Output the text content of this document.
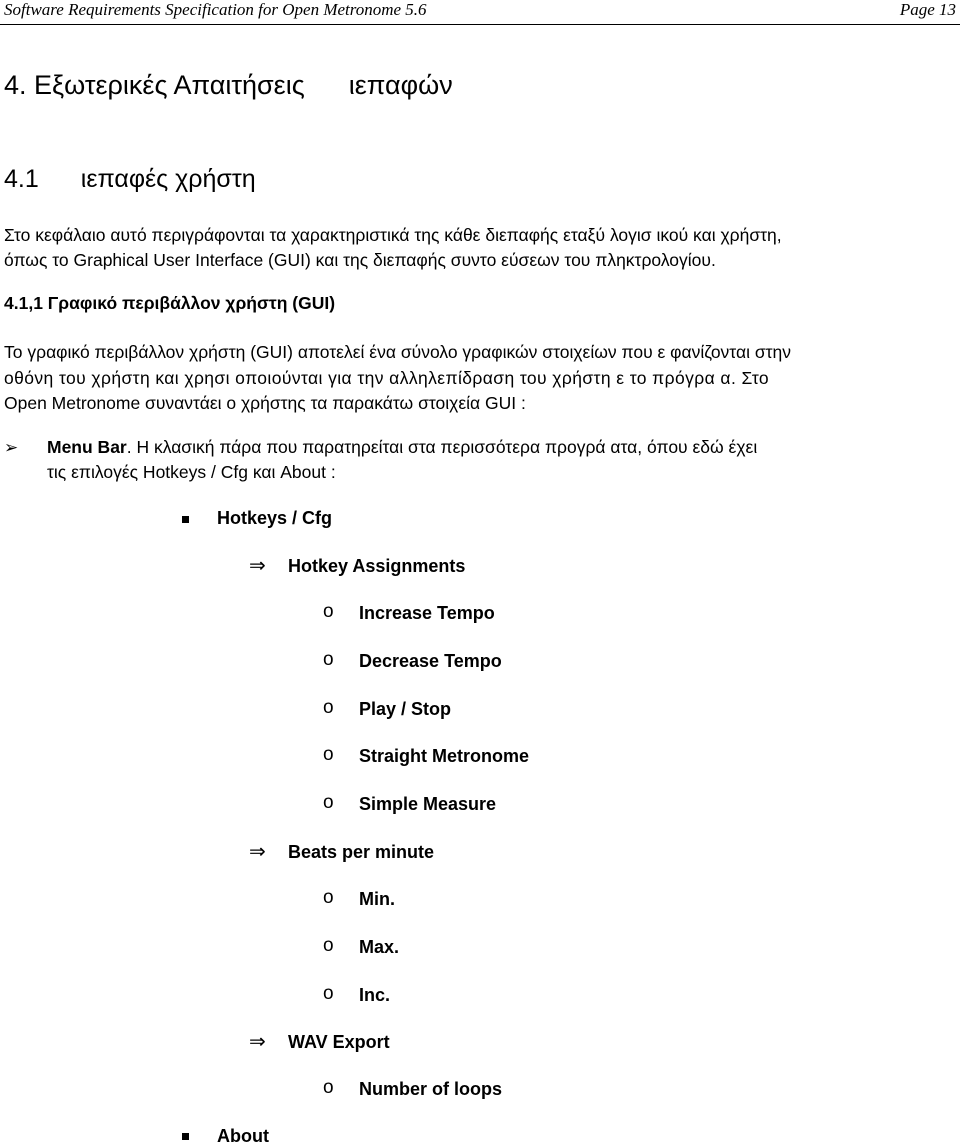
Software Requirements Specification for Open Metronome 5.6	Page 13
4. Εξωτερικές Απαιτήσεις ιεπαφών
4.1 ιεπαφές χρήστη
Στο κεφάλαιο αυτό περιγράφονται τα χαρακτηριστικά της κάθε διεπαφής εταξύ λογισ ικού και χρήστη,
όπως το Graphical User Interface (GUI) και της διεπαφής συντο εύσεων του πληκτρολογίου.
4.1,1 Γραφικό περιβάλλον χρήστη (GUI)
Το γραφικό περιβάλλον χρήστη (GUI) αποτελεί ένα σύνολο γραφικών στοιχείων που ε φανίζονται στην
οθόνη του χρήστη και χρησι οποιούνται για την αλληλεπίδραση του χρήστη ε το πρόγρα α. Στο
Open Metronome συναντάει ο χρήστης τα παρακάτω στοιχεία GUI :
➢ Menu Bar. Η κλασική πάρα που παρατηρείται στα περισσότερα προγρά ατα, όπου εδώ έχει
τις επιλογές Hotkeys / Cfg και About :
Hotkeys / Cfg
⇒ Hotkey Assignments
o Increase Tempo
o Decrease Tempo
o Play / Stop
o Straight Metronome
o Simple Measure
⇒ Beats per minute
o Min.
o Max.
o Inc.
⇒ WAV Export
o Number of loops
About
